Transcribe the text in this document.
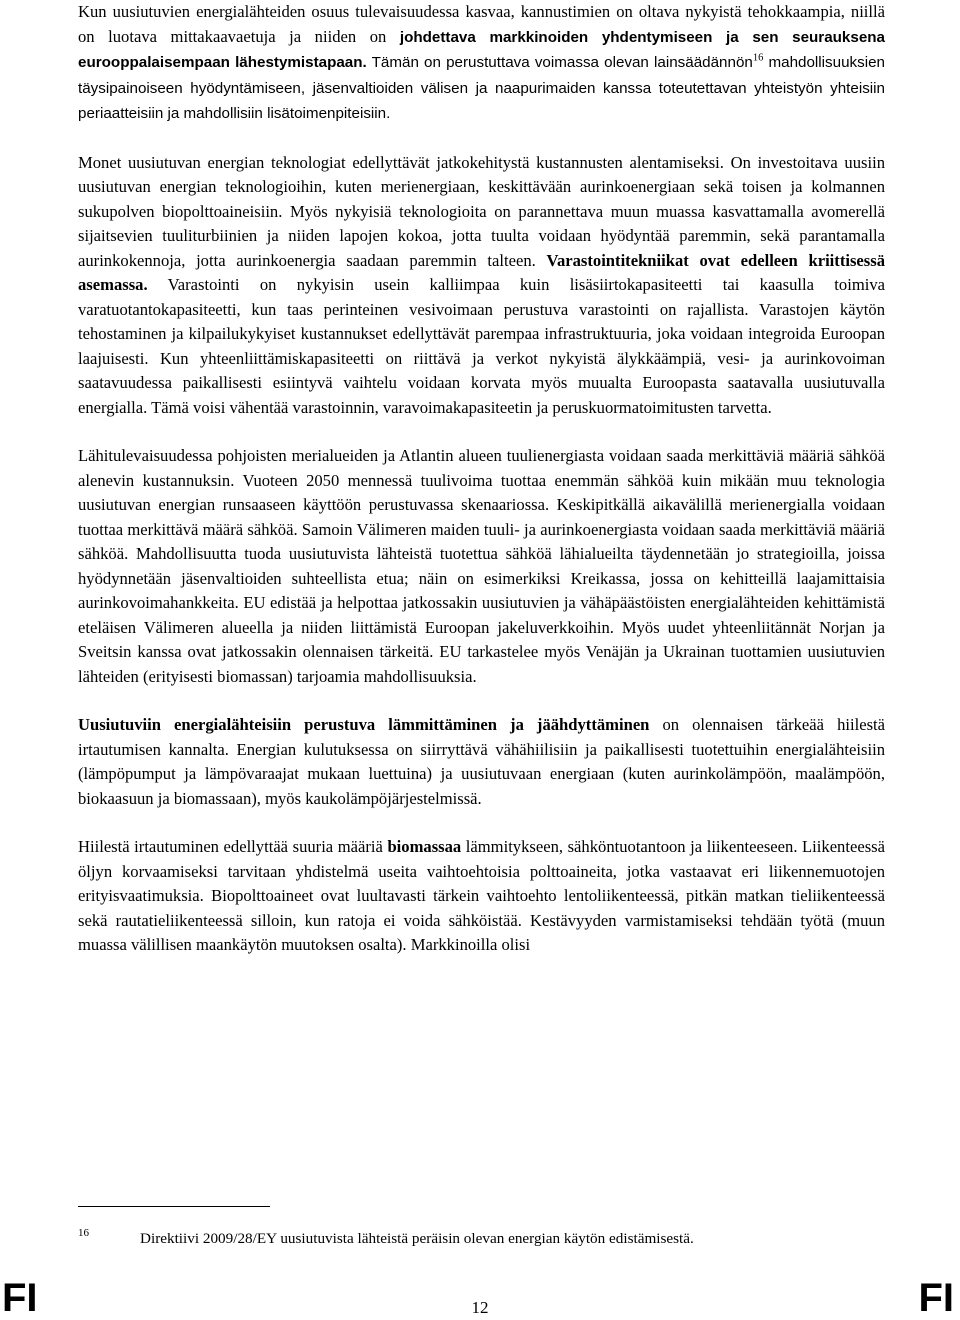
Kun uusiutuvien energialähteiden osuus tulevaisuudessa kasvaa, kannustimien on oltava nykyistä tehokkaampia, niillä on luotava mittakaavaetuja ja niiden on johdettava markkinoiden yhdentymiseen ja sen seurauksena eurooppalaisempaan lähestymistapaan. Tämän on perustuttava voimassa olevan lainsäädännön$^{16}$ mahdollisuuksien täysipainoiseen hyödyntämiseen, jäsenvaltioiden välisen ja naapurimaiden kanssa toteutettavan yhteistyön yhteisiin periaatteisiin ja mahdollisiin lisätoimenpiteisiin.

Monet uusiutuvan energian teknologiat edellyttävät jatkokehitystä kustannusten alentamiseksi. On investoitava uusiin uusiutuvan energian teknologioihin, kuten merienergiaan, keskittävään aurinkoenergiaan sekä toisen ja kolmannen sukupolven biopolttoaineisiin. Myös nykyisiä teknologioita on parannettava muun muassa kasvattamalla avomerellä sijaitsevien tuuliturbiinien ja niiden lapojen kokoa, jotta tuulta voidaan hyödyntää paremmin, sekä parantamalla aurinkokennoja, jotta aurinkoenergia saadaan paremmin talteen. Varastointitekniikat ovat edelleen kriittisessä asemassa. Varastointi on nykyisin usein kalliimpaa kuin lisäsiirtokapasiteetti tai kaasulla toimiva varatuotantokapasiteetti, kun taas perinteinen vesivoimaan perustuva varastointi on rajallista. Varastojen käytön tehostaminen ja kilpailukykyiset kustannukset edellyttävät parempaa infrastruktuuria, joka voidaan integroida Euroopan laajuisesti. Kun yhteenliittämiskapasiteetti on riittävä ja verkot nykyistä älykkäämpiä, vesi- ja aurinkovoiman saatavuudessa paikallisesti esiintyvä vaihtelu voidaan korvata myös muualta Euroopasta saatavalla uusiutuvalla energialla. Tämä voisi vähentää varastoinnin, varavoimakapasiteetin ja peruskuormatoimitusten tarvetta.

Lähitulevaisuudessa pohjoisten merialueiden ja Atlantin alueen tuulienergiasta voidaan saada merkittäviä määriä sähköä alenevin kustannuksin. Vuoteen 2050 mennessä tuulivoima tuottaa enemmän sähköä kuin mikään muu teknologia uusiutuvan energian runsaaseen käyttöön perustuvassa skenaariossa. Keskipitkällä aikavälillä merienergialla voidaan tuottaa merkittävä määrä sähköä. Samoin Välimeren maiden tuuli- ja aurinkoenergiasta voidaan saada merkittäviä määriä sähköä. Mahdollisuutta tuoda uusiutuvista lähteistä tuotettua sähköä lähialueilta täydennetään jo strategioilla, joissa hyödynnetään jäsenvaltioiden suhteellista etua; näin on esimerkiksi Kreikassa, jossa on kehitteillä laajamittaisia aurinkovoimahankkeita. EU edistää ja helpottaa jatkossakin uusiutuvien ja vähäpäästöisten energialähteiden kehittämistä eteläisen Välimeren alueella ja niiden liittämistä Euroopan jakeluverkkoihin. Myös uudet yhteenliitännät Norjan ja Sveitsin kanssa ovat jatkossakin olennaisen tärkeitä. EU tarkastelee myös Venäjän ja Ukrainan tuottamien uusiutuvien lähteiden (erityisesti biomassan) tarjoamia mahdollisuuksia.

Uusiutuviin energialähteisiin perustuva lämmittäminen ja jäähdyttäminen on olennaisen tärkeää hiilestä irtautumisen kannalta. Energian kulutuksessa on siirryttävä vähähiilisiin ja paikallisesti tuotettuihin energialähteisiin (lämpöpumput ja lämpövaraajat mukaan luettuina) ja uusiutuvaan energiaan (kuten aurinkolämpöön, maalämpöön, biokaasuun ja biomassaan), myös kaukolämpöjärjestelmissä.

Hiilestä irtautuminen edellyttää suuria määriä biomassaa lämmitykseen, sähköntuotantoon ja liikenteeseen. Liikenteessä öljyn korvaamiseksi tarvitaan yhdistelmä useita vaihtoehtoisia polttoaineita, jotka vastaavat eri liikennemuotojen erityisvaatimuksia. Biopolttoaineet ovat luultavasti tärkein vaihtoehto lentoliikenteessä, pitkän matkan tieliikenteessä sekä rautatieliikenteessä silloin, kun ratoja ei voida sähköistää. Kestävyyden varmistamiseksi tehdään työtä (muun muassa välillisen maankäytön muutoksen osalta). Markkinoilla olisi

16	Direktiivi 2009/28/EY uusiutuvista lähteistä peräisin olevan energian käytön edistämisestä.
FI	12	FI
